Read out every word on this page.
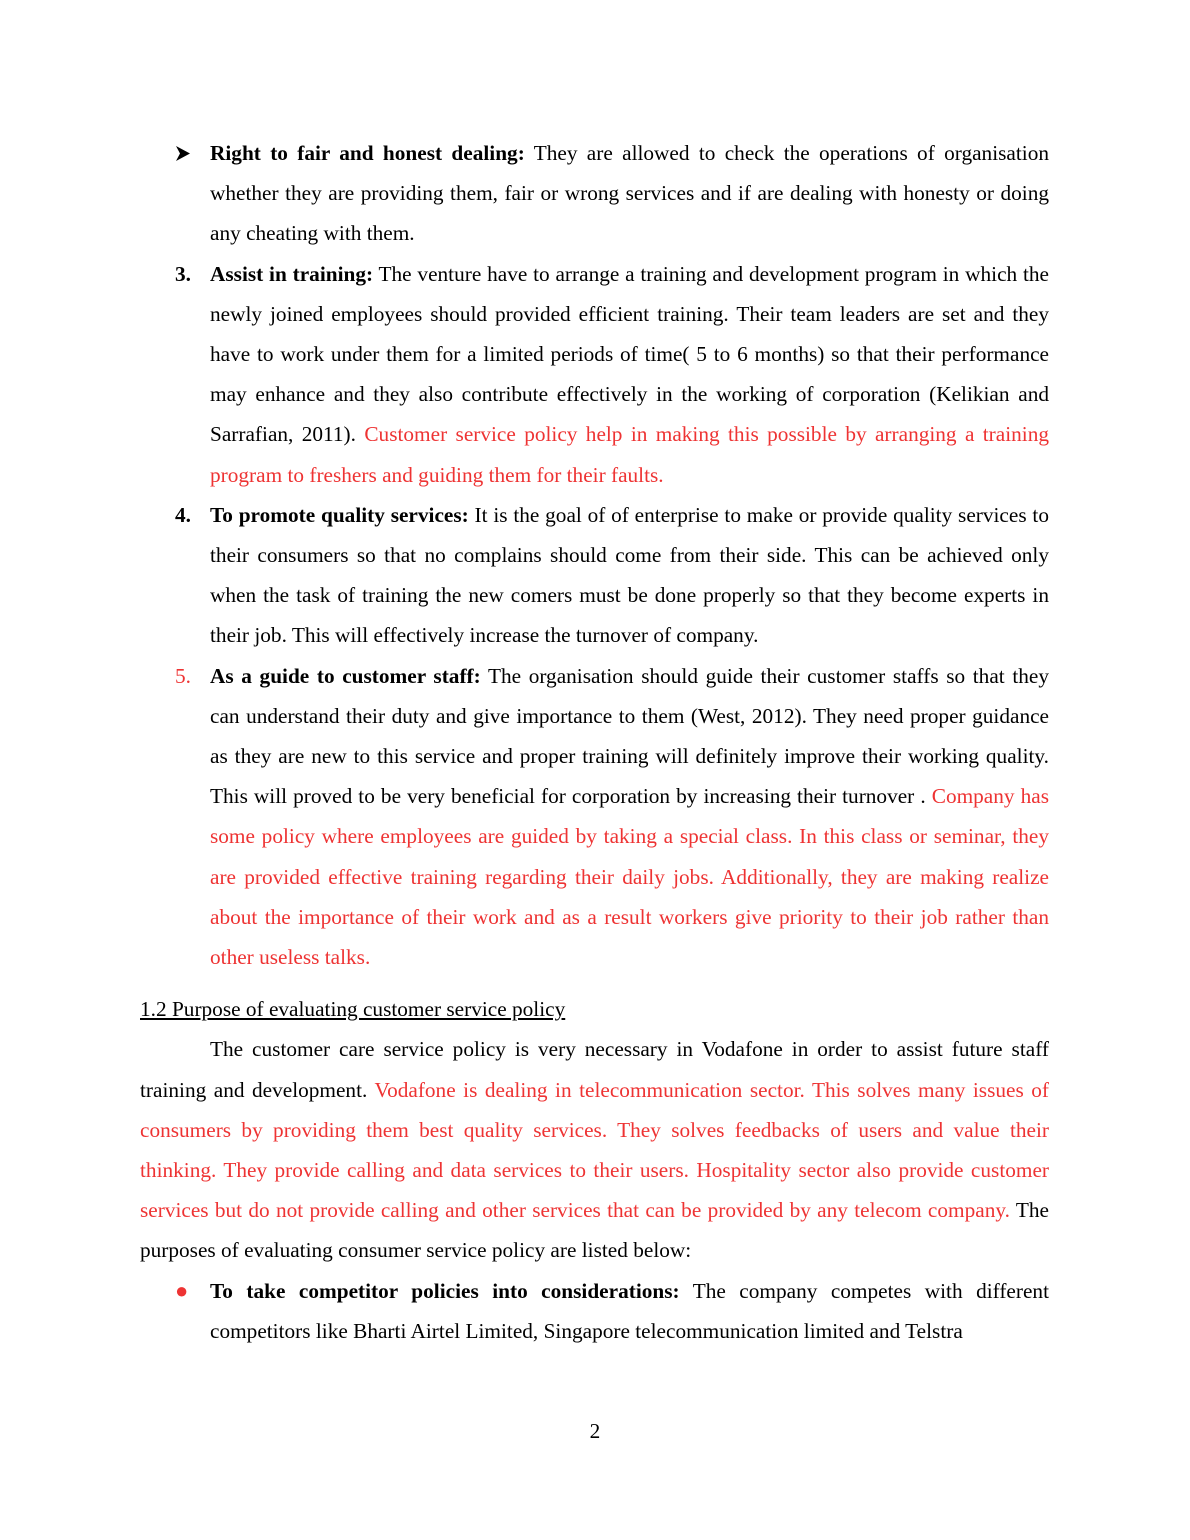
Right to fair and honest dealing: They are allowed to check the operations of organisation whether they are providing them, fair or wrong services and if are dealing with honesty or doing any cheating with them.
3. Assist in training: The venture have to arrange a training and development program in which the newly joined employees should provided efficient training. Their team leaders are set and they have to work under them for a limited periods of time( 5 to 6 months) so that their performance may enhance and they also contribute effectively in the working of corporation (Kelikian and Sarrafian, 2011). Customer service policy help in making this possible by arranging a training program to freshers and guiding them for their faults.
4. To promote quality services: It is the goal of of enterprise to make or provide quality services to their consumers so that no complains should come from their side. This can be achieved only when the task of training the new comers must be done properly so that they become experts in their job. This will effectively increase the turnover of company.
5. As a guide to customer staff: The organisation should guide their customer staffs so that they can understand their duty and give importance to them (West, 2012). They need proper guidance as they are new to this service and proper training will definitely improve their working quality. This will proved to be very beneficial for corporation by increasing their turnover . Company has some policy where employees are guided by taking a special class. In this class or seminar, they are provided effective training regarding their daily jobs. Additionally, they are making realize about the importance of their work and as a result workers give priority to their job rather than other useless talks.
1.2 Purpose of evaluating customer service policy
The customer care service policy is very necessary in Vodafone in order to assist future staff training and development. Vodafone is dealing in telecommunication sector. This solves many issues of consumers by providing them best quality services. They solves feedbacks of users and value their thinking. They provide calling and data services to their users. Hospitality sector also provide customer services but do not provide calling and other services that can be provided by any telecom company. The purposes of evaluating consumer service policy are listed below:
● To take competitor policies into considerations: The company competes with different competitors like Bharti Airtel Limited, Singapore telecommunication limited and Telstra
2
